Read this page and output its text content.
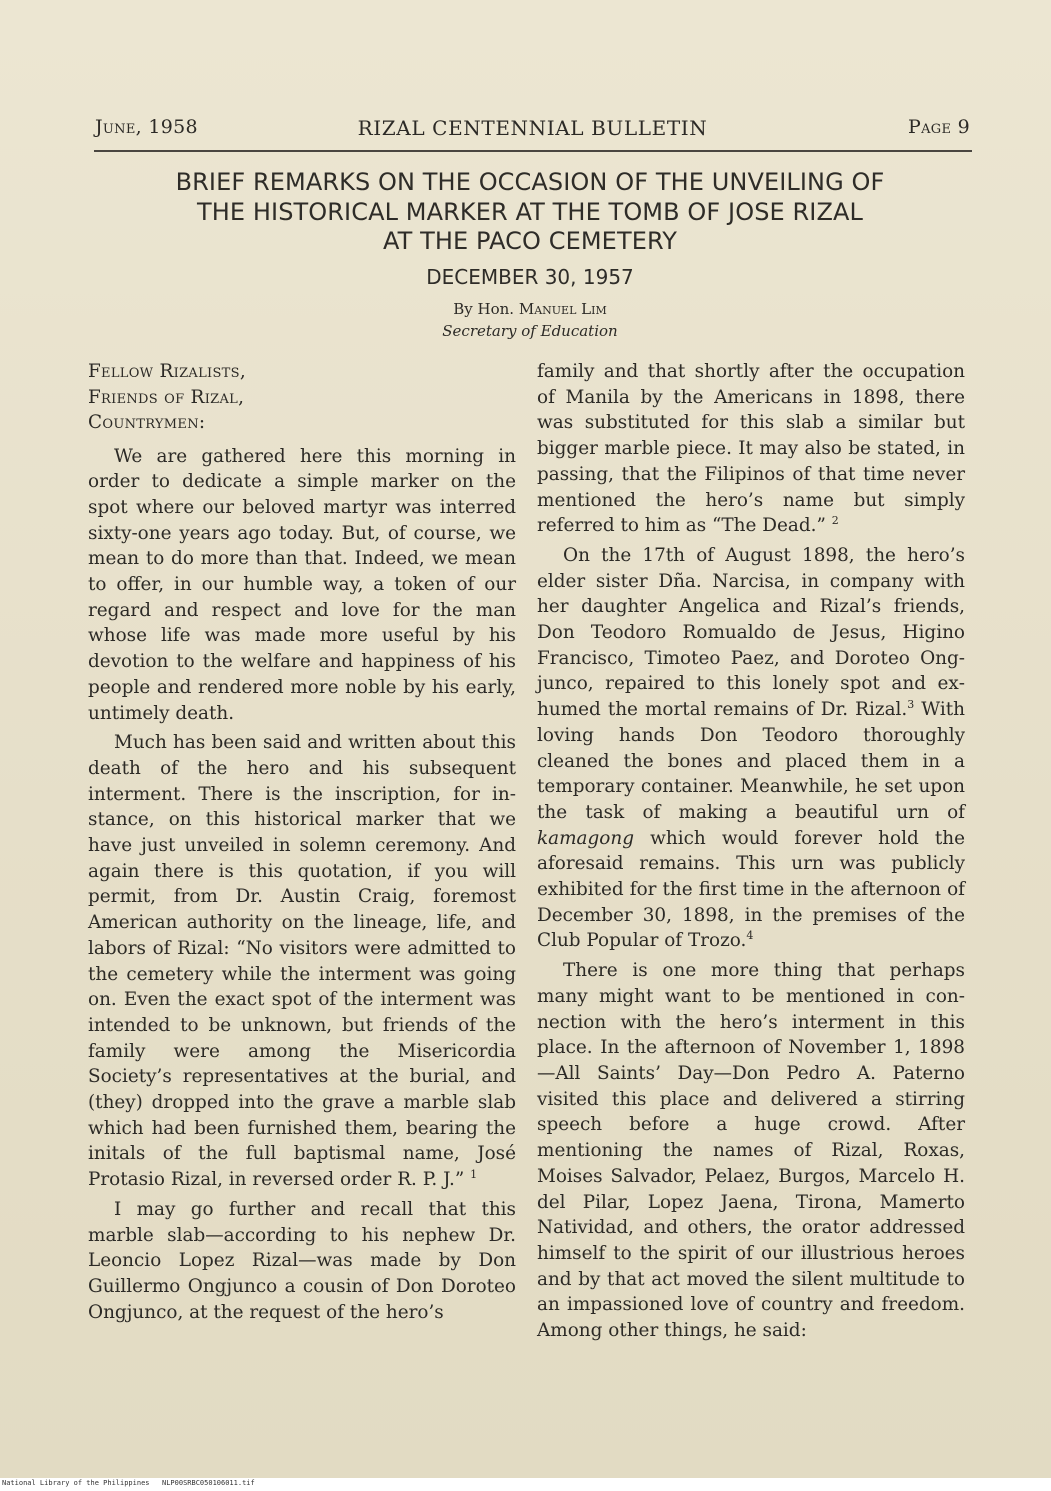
June, 1958	RIZAL CENTENNIAL BULLETIN	Page 9
BRIEF REMARKS ON THE OCCASION OF THE UNVEILING OF
THE HISTORICAL MARKER AT THE TOMB OF JOSE RIZAL
AT THE PACO CEMETERY
DECEMBER 30, 1957
By Hon. Manuel Lim
Secretary of Education
Fellow Rizalists,
Friends of Rizal,
Countrymen:

We are gathered here this morning in order to dedicate a simple marker on the spot where our beloved martyr was interred sixty-one years ago today. But, of course, we mean to do more than that. Indeed, we mean to offer, in our humble way, a token of our regard and respect and love for the man whose life was made more useful by his devotion to the welfare and happiness of his people and rendered more noble by his early, untimely death.

Much has been said and written about this death of the hero and his subsequent interment. There is the inscription, for instance, on this historical marker that we have just unveiled in solemn ceremony. And again there is this quotation, if you will permit, from Dr. Austin Craig, foremost American authority on the lineage, life, and labors of Rizal: “No visitors were admitted to the cemetery while the interment was going on. Even the exact spot of the interment was intended to be unknown, but friends of the family were among the Misericordia Society’s representatives at the burial, and (they) dropped into the grave a marble slab which had been furnished them, bearing the initals of the full baptismal name, José Protasio Rizal, in reversed order R. P. J.” $^1$

I may go further and recall that this marble slab—according to his nephew Dr. Leoncio Lopez Rizal—was made by Don Guillermo Ongjunco a cousin of Don Doroteo Ongjunco, at the request of the hero’s

family and that shortly after the occupation of Manila by the Americans in 1898, there was substituted for this slab a similar but bigger marble piece. It may also be stated, in passing, that the Filipinos of that time never mentioned the hero’s name but simply referred to him as “The Dead.” $^2$

On the 17th of August 1898, the hero’s elder sister Dña. Narcisa, in company with her daughter Angelica and Rizal’s friends, Don Teodoro Romualdo de Jesus, Higino Francisco, Timoteo Paez, and Doroteo Ongjunco, repaired to this lonely spot and exhumed the mortal remains of Dr. Rizal.$^3$ With loving hands Don Teodoro thoroughly cleaned the bones and placed them in a temporary container. Meanwhile, he set upon the task of making a beautiful urn of kamagong which would forever hold the aforesaid remains. This urn was publicly exhibited for the first time in the afternoon of December 30, 1898, in the premises of the Club Popular of Trozo.$^4$

There is one more thing that perhaps many might want to be mentioned in connection with the hero’s interment in this place. In the afternoon of November 1, 1898—All Saints’ Day—Don Pedro A. Paterno visited this place and delivered a stirring speech before a huge crowd. After mentioning the names of Rizal, Roxas, Moises Salvador, Pelaez, Burgos, Marcelo H. del Pilar, Lopez Jaena, Tirona, Mamerto Natividad, and others, the orator addressed himself to the spirit of our illustrious heroes and by that act moved the silent multitude to an impassioned love of country and freedom. Among other things, he said:

National Library of the Philippines NLP00SRBC050106011.tif
